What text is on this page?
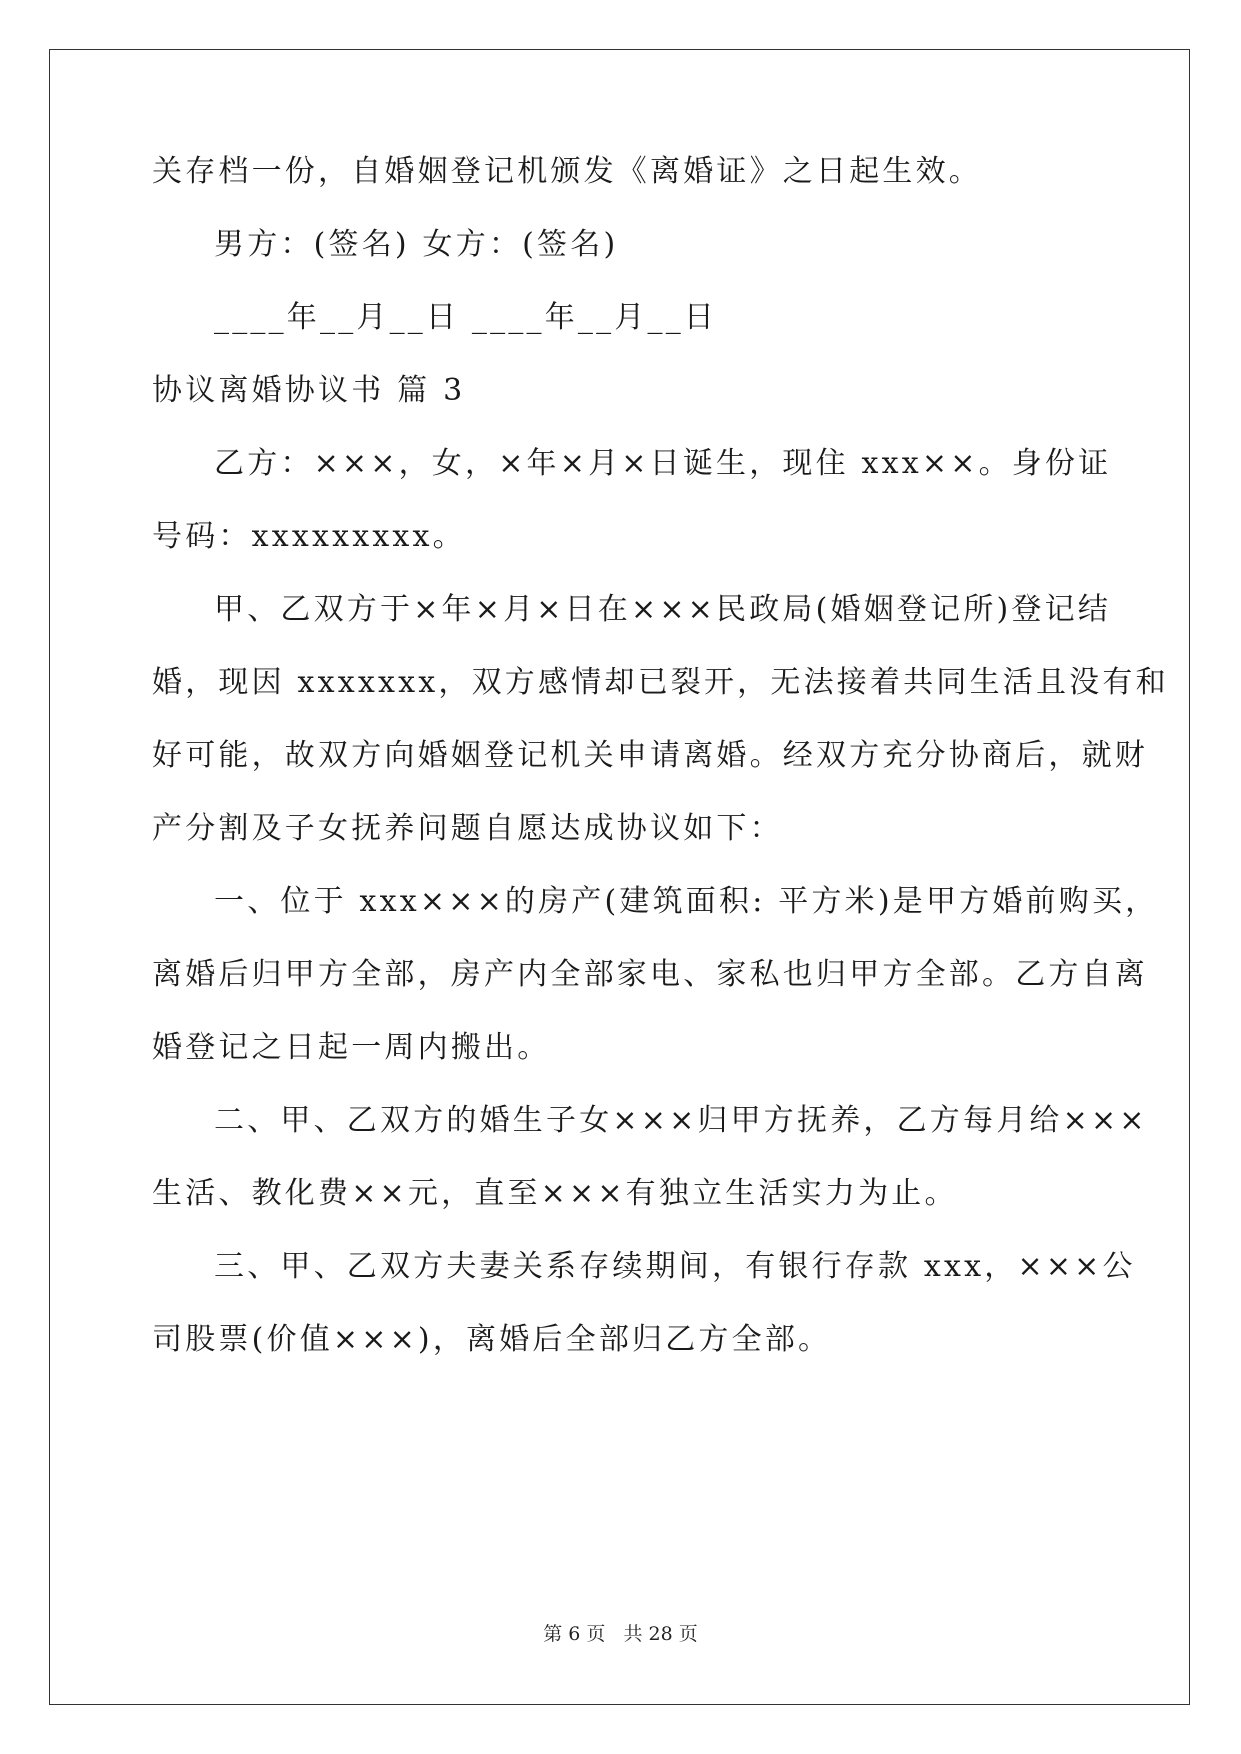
关存档一份，自婚姻登记机颁发《离婚证》之日起生效。
男方：(签名) 女方：(签名)
____年__月__日 ____年__月__日
协议离婚协议书 篇 3
乙方：×××，女，×年×月×日诞生，现住 xxx××。身份证
号码：xxxxxxxxx。
甲、乙双方于×年×月×日在×××民政局(婚姻登记所)登记结
婚，现因 xxxxxxx，双方感情却已裂开，无法接着共同生活且没有和
好可能，故双方向婚姻登记机关申请离婚。经双方充分协商后，就财
产分割及子女抚养问题自愿达成协议如下：
一、位于 xxx×××的房产(建筑面积: 平方米)是甲方婚前购买，
离婚后归甲方全部，房产内全部家电、家私也归甲方全部。乙方自离
婚登记之日起一周内搬出。
二、甲、乙双方的婚生子女×××归甲方抚养，乙方每月给×××
生活、教化费××元，直至×××有独立生活实力为止。
三、甲、乙双方夫妻关系存续期间，有银行存款 xxx，×××公
司股票(价值×××)，离婚后全部归乙方全部。
第 6 页 共 28 页
